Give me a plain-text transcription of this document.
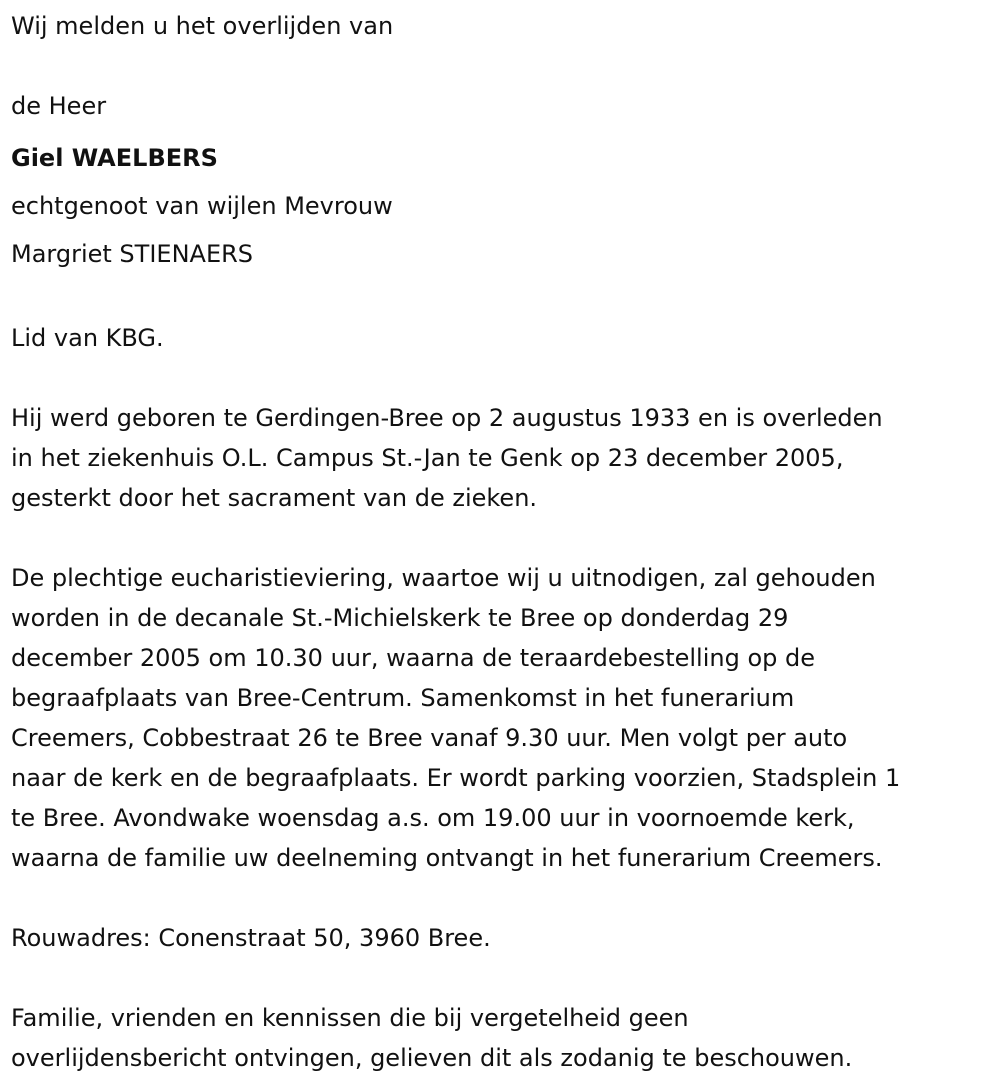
Wij melden u het overlijden van
de Heer
Giel WAELBERS
echtgenoot van wijlen Mevrouw
Margriet STIENAERS
Lid van KBG.
Hij werd geboren te Gerdingen-Bree op 2 augustus 1933 en is overleden
in het ziekenhuis O.L. Campus St.-Jan te Genk op 23 december 2005,
gesterkt door het sacrament van de zieken.
De plechtige eucharistieviering, waartoe wij u uitnodigen, zal gehouden
worden in de decanale St.-Michielskerk te Bree op donderdag 29
december 2005 om 10.30 uur, waarna de teraardebestelling op de
begraafplaats van Bree-Centrum. Samenkomst in het funerarium
Creemers, Cobbestraat 26 te Bree vanaf 9.30 uur. Men volgt per auto
naar de kerk en de begraafplaats. Er wordt parking voorzien, Stadsplein 1
te Bree. Avondwake woensdag a.s. om 19.00 uur in voornoemde kerk,
waarna de familie uw deelneming ontvangt in het funerarium Creemers.
Rouwadres: Conenstraat 50, 3960 Bree.
Familie, vrienden en kennissen die bij vergetelheid geen
overlijdensbericht ontvingen, gelieven dit als zodanig te beschouwen.
